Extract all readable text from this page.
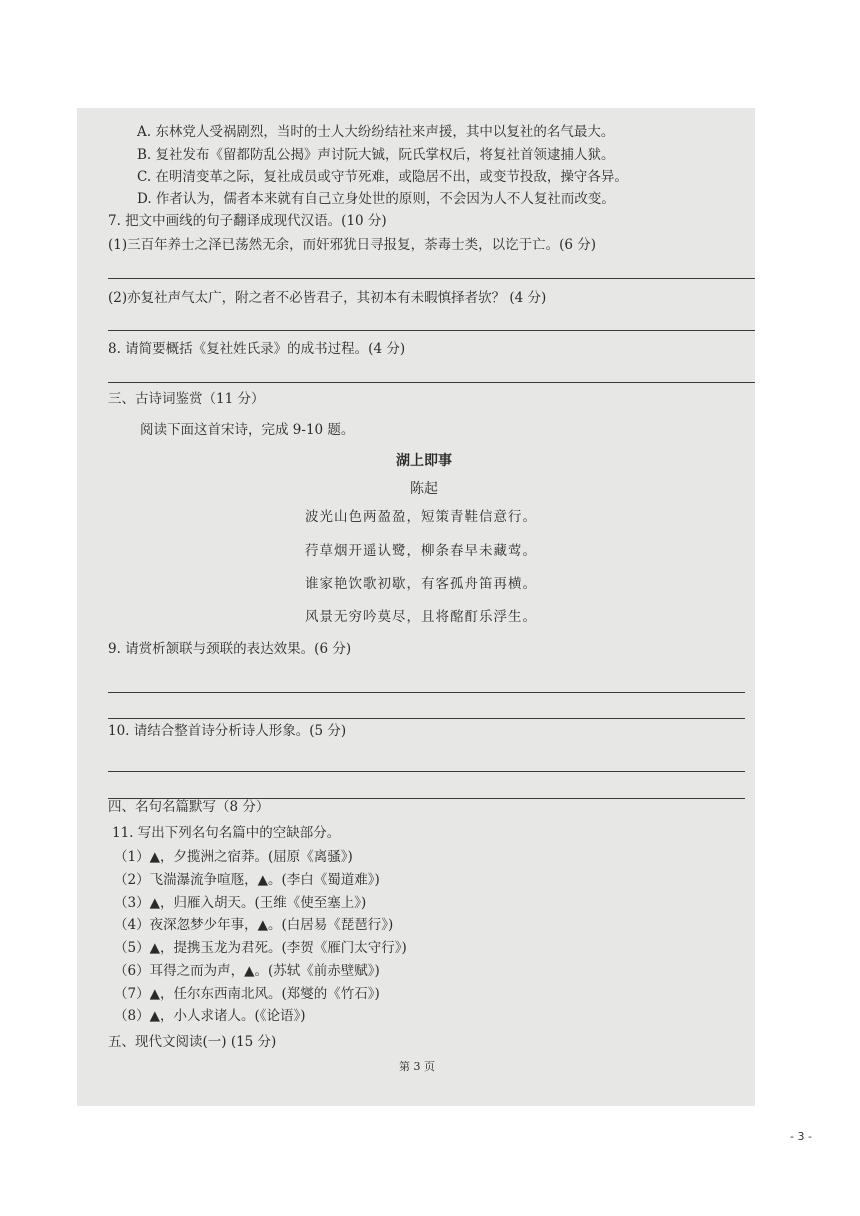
A. 东林党人受祸剧烈，当时的士人大纷纷结社来声援，其中以复社的名气最大。
B. 复社发布《留都防乱公揭》声讨阮大铖，阮氏掌权后，将复社首领逮捕人狱。
C. 在明清变革之际，复社成员或守节死难，或隐居不出，或变节投敌，操守各异。
D. 作者认为，儒者本来就有自己立身处世的原则，不会因为人不人复社而改变。
7. 把文中画线的句子翻译成现代汉语。(10 分)
(1)三百年养士之泽已荡然无余，而奸邪犹日寻报复，荼毒士类，以讫于亡。(6 分)
(2)亦复社声气太广，附之者不必皆君子，其初本有未暇慎择者欤？ (4 分)
8. 请简要概括《复社姓氏录》的成书过程。(4 分)
三、古诗词鉴赏（11 分）
阅读下面这首宋诗，完成 9-10 题。
湖上即事
陈起
波光山色两盈盈，短策青鞋信意行。
荇草烟开遥认鹭，柳条春早未藏莺。
谁家艳饮歌初歇，有客孤舟笛再横。
风景无穷吟莫尽，且将酩酊乐浮生。
9. 请赏析颔联与颈联的表达效果。(6 分)
10. 请结合整首诗分析诗人形象。(5 分)
四、名句名篇默写（8 分）
11. 写出下列名句名篇中的空缺部分。
（1）▲，夕揽洲之宿莽。(屈原《离骚》)
（2）飞湍瀑流争喧豗，▲。(李白《蜀道难》)
（3）▲，归雁入胡天。(王维《使至塞上》)
（4）夜深忽梦少年事，▲。(白居易《琵琶行》)
（5）▲，提携玉龙为君死。(李贺《雁门太守行》)
（6）耳得之而为声，▲。(苏轼《前赤壁赋》)
（7）▲，任尔东西南北风。(郑燮的《竹石》)
（8）▲，小人求诸人。(《论语》)
五、现代文阅读(一) (15 分)
第 3 页
- 3 -
